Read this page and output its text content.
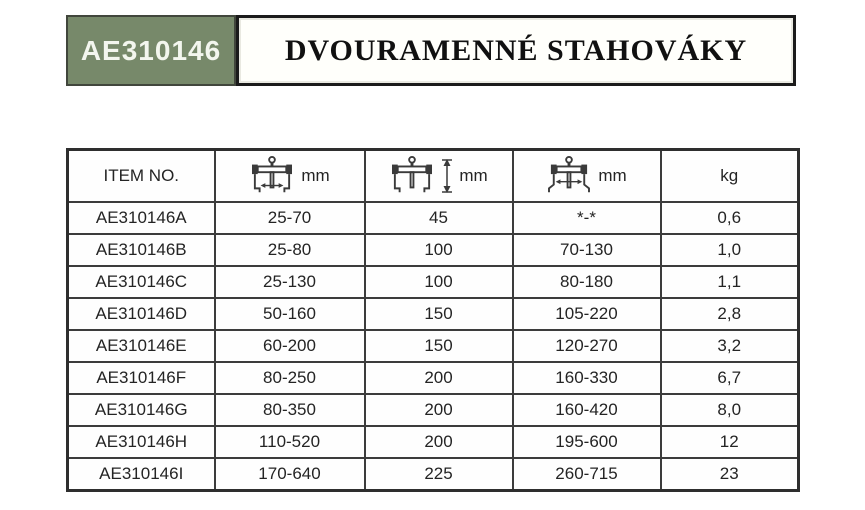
AE310146 DVOURAMENNÉ STAHOVÁKY
ITEM NO.	mm	mm	mm	kg
AE310146A	25-70	45	*-*	0,6
AE310146B	25-80	100	70-130	1,0
AE310146C	25-130	100	80-180	1,1
AE310146D	50-160	150	105-220	2,8
AE310146E	60-200	150	120-270	3,2
AE310146F	80-250	200	160-330	6,7
AE310146G	80-350	200	160-420	8,0
AE310146H	110-520	200	195-600	12
AE310146I	170-640	225	260-715	23
